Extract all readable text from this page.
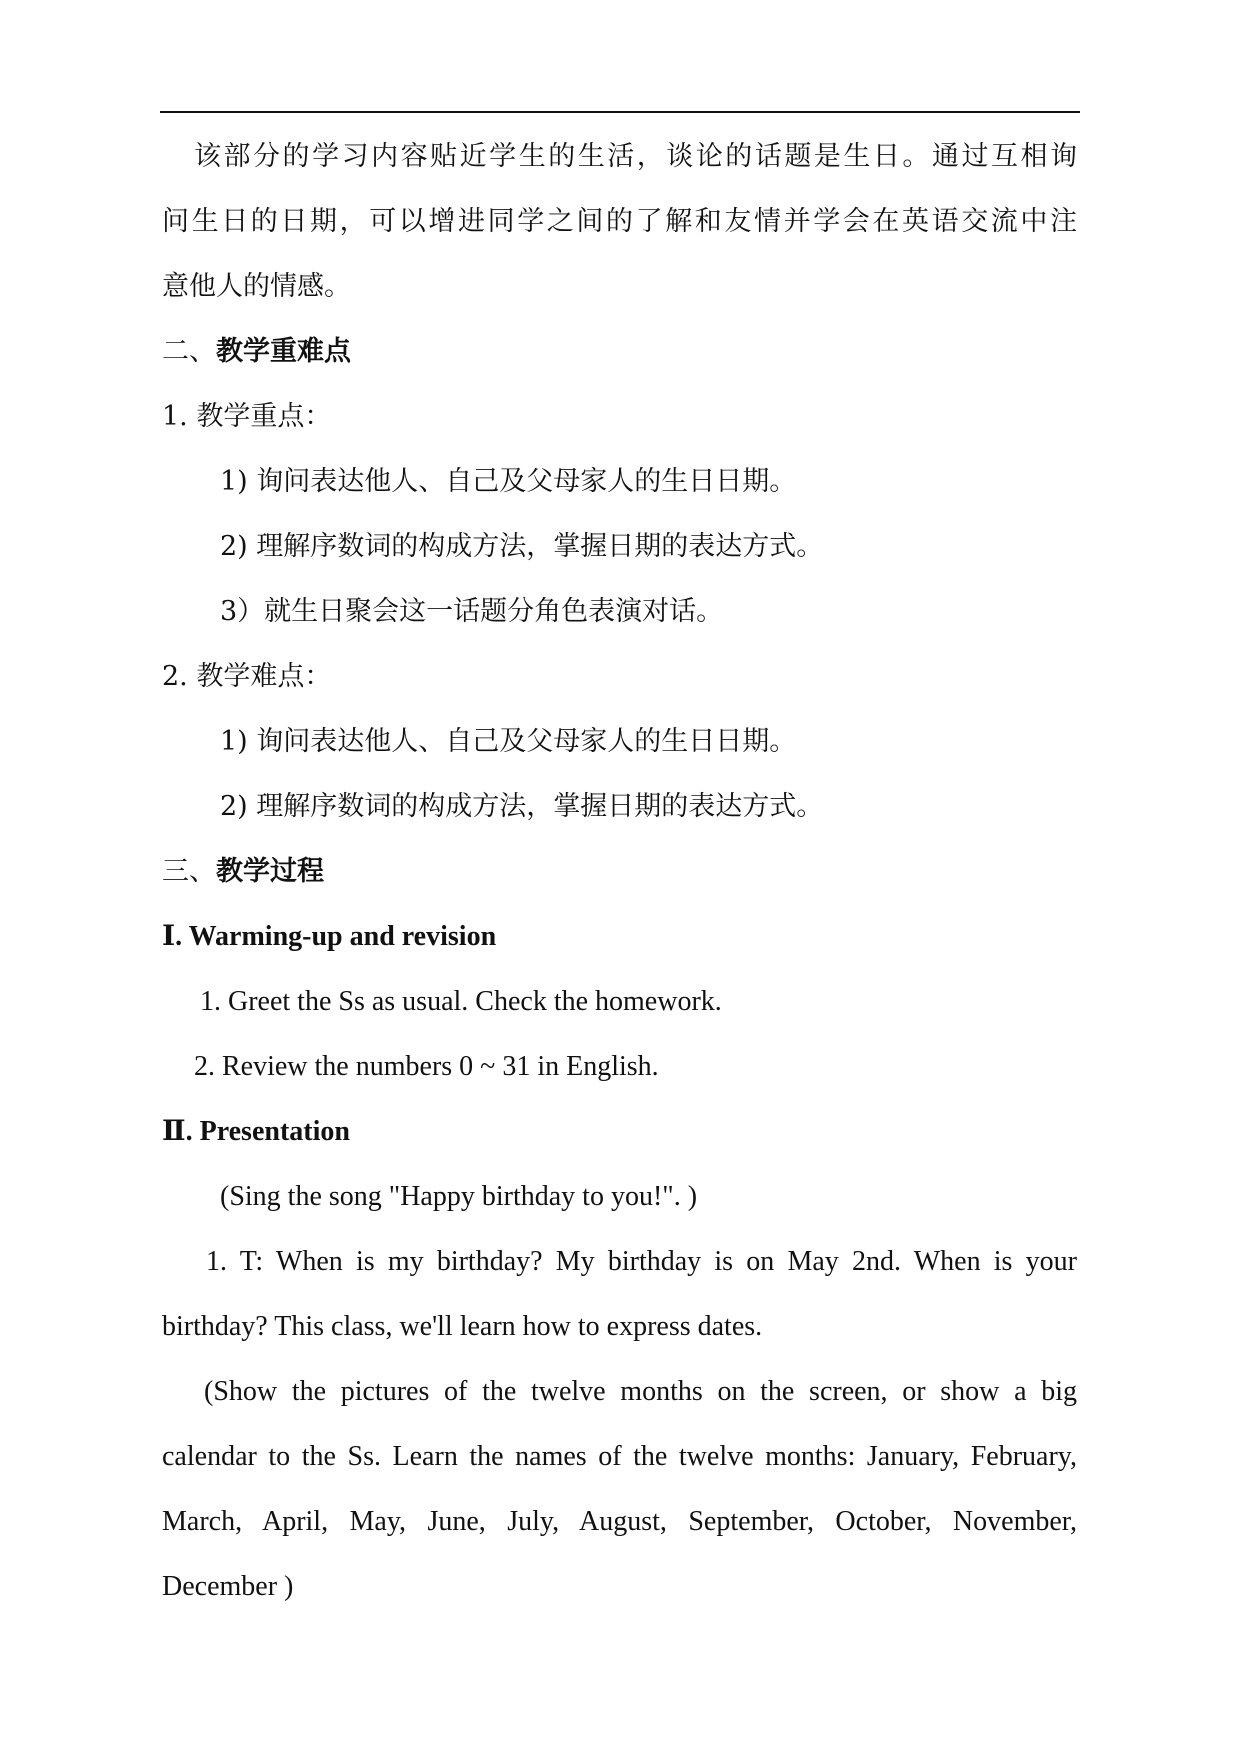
该部分的学习内容贴近学生的生活，谈论的话题是生日。通过互相询

问生日的日期，可以增进同学之间的了解和友情并学会在英语交流中注

意他人的情感。

二、教学重难点

1. 教学重点：

1) 询问表达他人、自己及父母家人的生日日期。

2) 理解序数词的构成方法，掌握日期的表达方式。

3）就生日聚会这一话题分角色表演对话。

2. 教学难点：

1) 询问表达他人、自己及父母家人的生日日期。

2) 理解序数词的构成方法，掌握日期的表达方式。

三、教学过程

Ⅰ. Warming-up and revision

1. Greet the Ss as usual. Check the homework.

2. Review the numbers 0 ~ 31 in English.

Ⅱ. Presentation

(Sing the song "Happy birthday to you!". )

1. T: When is my birthday? My birthday is on May 2nd. When is your

birthday? This class, we'll learn how to express dates.

(Show the pictures of the twelve months on the screen, or show a big

calendar to the Ss. Learn the names of the twelve months: January, February,

March, April, May, June, July, August, September, October, November,

December )
